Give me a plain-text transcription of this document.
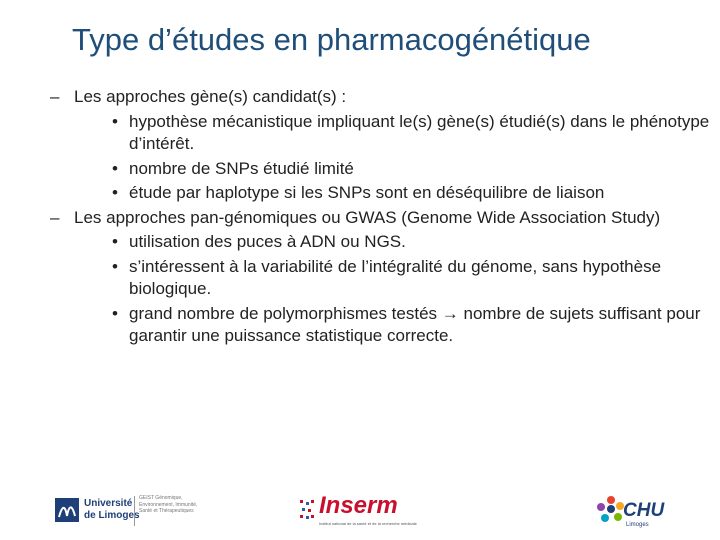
Type d’études en pharmacogénétique
– Les approches gène(s) candidat(s) :
• hypothèse mécanistique impliquant le(s) gène(s) étudié(s) dans le phénotype d’intérêt.
• nombre de SNPs étudié limité
• étude par haplotype si les SNPs sont en déséquilibre de liaison
– Les approches pan-génomiques ou GWAS (Genome Wide Association Study)
• utilisation des puces à ADN ou NGS.
• s’intéressent à la variabilité de l’intégralité du génome, sans hypothèse biologique.
• grand nombre de polymorphismes testés → nombre de sujets suffisant pour garantir une puissance statistique correcte.
Université
de Limoges
GEIST Génomique, Environnement, Immunité, Santé et Thérapeutiques	Inserm
Institut national de la santé et de la recherche médicale
CHU
Limoges
